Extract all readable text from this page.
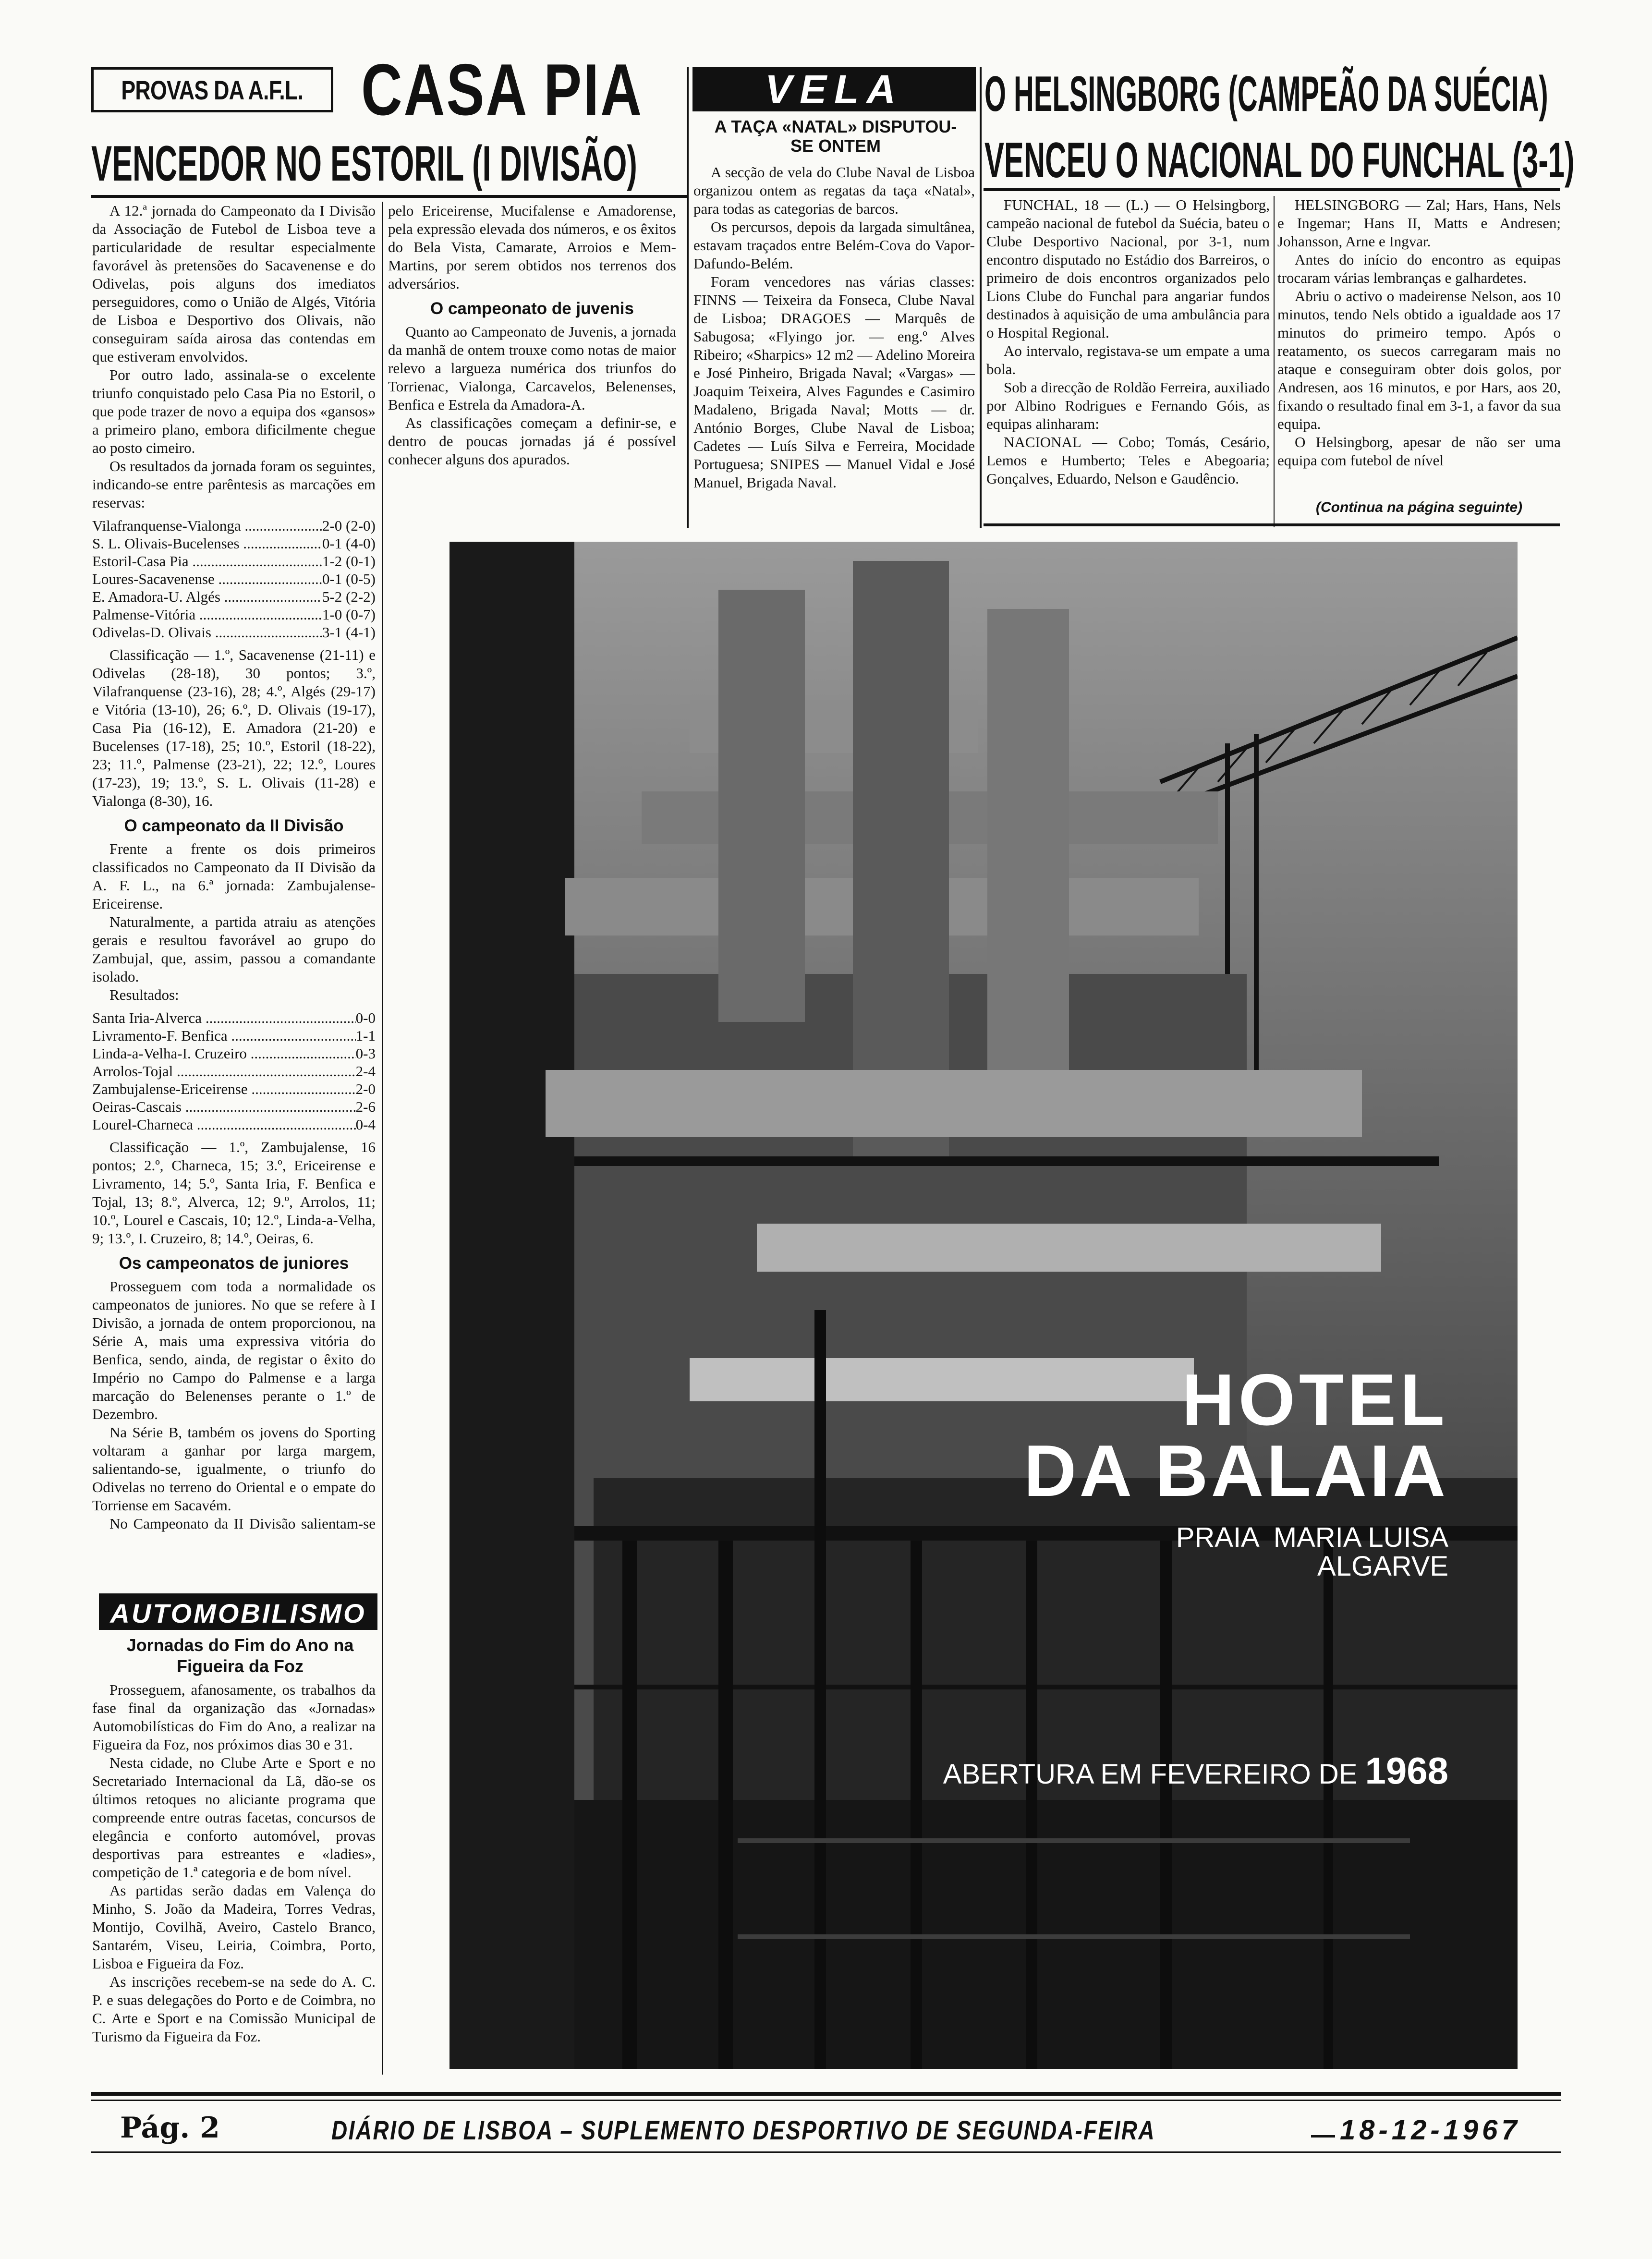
PROVAS DA A.F.L. CASA PIA
VENCEDOR NO ESTORIL (I DIVISÃO)

A 12.ª jornada do Campeonato da I Divisão da Associação de Futebol de Lisboa teve a particularidade de resultar especialmente favorável às pretensões do Sacavenense e do Odivelas, pois alguns dos imediatos perseguidores, como o União de Algés, Vitória de Lisboa e Desportivo dos Olivais, não conseguiram saída airosa das contendas em que estiveram envolvidos.

Por outro lado, assinala-se o excelente triunfo conquistado pelo Casa Pia no Estoril, o que pode trazer de novo a equipa dos «gansos» a primeiro plano, embora dificilmente chegue ao posto cimeiro.

Os resultados da jornada foram os seguintes, indicando-se entre parêntesis as marcações em reservas:

Vilafranquense-Vialonga .....	2-0 (2-0)
S. L. Olivais-Bucelenses .....	0-1 (4-0)
Estoril-Casa Pia .....	1-2 (0-1)
Loures-Sacavenense .....	0-1 (0-5)
E. Amadora-U. Algés .....	5-2 (2-2)
Palmense-Vitória .....	1-0 (0-7)
Odivelas-D. Olivais .....	3-1 (4-1)

Classificação — 1.º, Sacavenense (21-11) e Odivelas (28-18), 30 pontos; 3.º, Vilafranquense (23-16), 28; 4.º, Algés (29-17) e Vitória (13-10), 26; 6.º, D. Olivais (19-17), Casa Pia (16-12), E. Amadora (21-20) e Bucelenses (17-18), 25; 10.º, Estoril (18-22), 23; 11.º, Palmense (23-21), 22; 12.º, Loures (17-23), 19; 13.º, S. L. Olivais (11-28) e Vialonga (8-30), 16.

O campeonato da II Divisão

Frente a frente os dois primeiros classificados no Campeonato da II Divisão da A. F. L., na 6.ª jornada: Zambujalense-Ericeirense.

Naturalmente, a partida atraiu as atenções gerais e resultou favorável ao grupo do Zambujal, que, assim, passou a comandante isolado.

Resultados:

Santa Iria-Alverca .....	0-0
Livramento-F. Benfica .....	1-1
Linda-a-Velha-I. Cruzeiro .....	0-3
Arrolos-Tojal .....	2-4
Zambujalense-Ericeirense .....	2-0
Oeiras-Cascais .....	2-6
Lourel-Charneca .....	0-4

Classificação — 1.º, Zambujalense, 16 pontos; 2.º, Charneca, 15; 3.º, Ericeirense e Livramento, 14; 5.º, Santa Iria, F. Benfica e Tojal, 13; 8.º, Alverca, 12; 9.º, Arrolos, 11; 10.º, Lourel e Cascais, 10; 12.º, Linda-a-Velha, 9; 13.º, I. Cruzeiro, 8; 14.º, Oeiras, 6.

Os campeonatos de juniores

Prosseguem com toda a normalidade os campeonatos de juniores. No que se refere à I Divisão, a jornada de ontem proporcionou, na Série A, mais uma expressiva vitória do Benfica, sendo, ainda, de registar o êxito do Império no Campo do Palmense e a larga marcação do Belenenses perante o 1.º de Dezembro.

Na Série B, também os jovens do Sporting voltaram a ganhar por larga margem, salientando-se, igualmente, o triunfo do Odivelas no terreno do Oriental e o empate do Torriense em Sacavém.

No Campeonato da II Divisão salientam-se

AUTOMOBILISMO
Jornadas do Fim do Ano na Figueira da Foz

Prosseguem, afanosamente, os trabalhos da fase final da organização das «Jornadas» Automobilísticas do Fim do Ano, a realizar na Figueira da Foz, nos próximos dias 30 e 31.

Nesta cidade, no Clube Arte e Sport e no Secretariado Internacional da Lã, dão-se os últimos retoques no aliciante programa que compreende entre outras facetas, concursos de elegância e conforto automóvel, provas desportivas para estreantes e «ladies», competição de 1.ª categoria e de bom nível.

As partidas serão dadas em Valença do Minho, S. João da Madeira, Torres Vedras, Montijo, Covilhã, Aveiro, Castelo Branco, Santarém, Viseu, Leiria, Coimbra, Porto, Lisboa e Figueira da Foz.

As inscrições recebem-se na sede do A. C. P. e suas delegações do Porto e de Coimbra, no C. Arte e Sport e na Comissão Municipal de Turismo da Figueira da Foz.

pelo Ericeirense, Mucifalense e Amadorense, pela expressão elevada dos números, e os êxitos do Bela Vista, Camarate, Arroios e Mem-Martins, por serem obtidos nos terrenos dos adversários.

O campeonato de juvenis

Quanto ao Campeonato de Juvenis, a jornada da manhã de ontem trouxe como notas de maior relevo a largueza numérica dos triunfos do Torrienac, Vialonga, Carcavelos, Belenenses, Benfica e Estrela da Amadora-A.

As classificações começam a definir-se, e dentro de poucas jornadas já é possível conhecer alguns dos apurados.

VELA
A TAÇA «NATAL» DISPUTOU-SE ONTEM

A secção de vela do Clube Naval de Lisboa organizou ontem as regatas da taça «Natal», para todas as categorias de barcos.

Os percursos, depois da largada simultânea, estavam traçados entre Belém-Cova do Vapor-Dafundo-Belém.

Foram vencedores nas várias classes: FINNS — Teixeira da Fonseca, Clube Naval de Lisboa; DRAGOES — Marquês de Sabugosa; «Flyingo jor. — eng.º Alves Ribeiro; «Sharpics» 12 m2 — Adelino Moreira e José Pinheiro, Brigada Naval; «Vargas» — Joaquim Teixeira, Alves Fagundes e Casimiro Madaleno, Brigada Naval; Motts — dr. António Borges, Clube Naval de Lisboa; Cadetes — Luís Silva e Ferreira, Mocidade Portuguesa; SNIPES — Manuel Vidal e José Manuel, Brigada Naval.

O HELSINGBORG (CAMPEÃO DA SUÉCIA)
VENCEU O NACIONAL DO FUNCHAL (3-1)

FUNCHAL, 18 — (L.) — O Helsingborg, campeão nacional de futebol da Suécia, bateu o Clube Desportivo Nacional, por 3-1, num encontro disputado no Estádio dos Barreiros, o primeiro de dois encontros organizados pelo Lions Clube do Funchal para angariar fundos destinados à aquisição de uma ambulância para o Hospital Regional.

Ao intervalo, registava-se um empate a uma bola.

Sob a direcção de Roldão Ferreira, auxiliado por Albino Rodrigues e Fernando Góis, as equipas alinharam:

NACIONAL — Cobo; Tomás, Cesário, Lemos e Humberto; Teles e Abegoaria; Gonçalves, Eduardo, Nelson e Gaudêncio.

HELSINGBORG — Zal; Hars, Hans, Nels e Ingemar; Hans II, Matts e Andresen; Johansson, Arne e Ingvar.

Antes do início do encontro as equipas trocaram várias lembranças e galhardetes.

Abriu o activo o madeirense Nelson, aos 10 minutos, tendo Nels obtido a igualdade aos 17 minutos do primeiro tempo. Após o reatamento, os suecos carregaram mais no ataque e conseguiram obter dois golos, por Andresen, aos 16 minutos, e por Hars, aos 20, fixando o resultado final em 3-1, a favor da sua equipa.

O Helsingborg, apesar de não ser uma equipa com futebol de nível

(Continua na página seguinte)
HOTEL
DA BALAIA
PRAIA  MARIA LUISA
ALGARVE
ABERTURA EM FEVEREIRO DE 1968
Pág. 2	DIÁRIO DE LISBOA – SUPLEMENTO DESPORTIVO DE SEGUNDA-FEIRA	18-12-1967
